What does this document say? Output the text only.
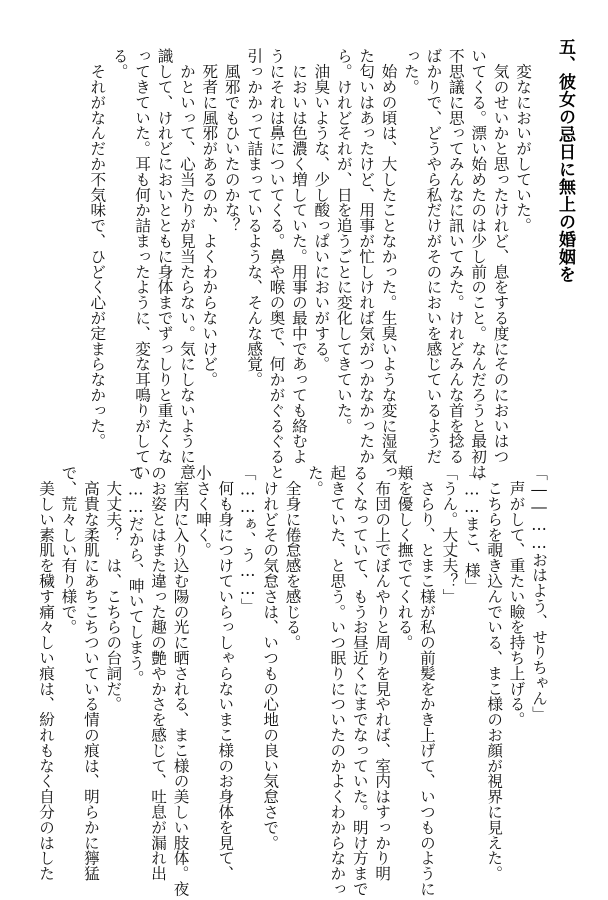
五、彼女の忌日に無上の婚姻を
　変なにおいがしていた。
　気のせいかと思ったけれど、息をする度にそのにおいはつ
いてくる。漂い始めたのは少し前のこと。なんだろうと最初は
不思議に思ってみんなに訊いてみた。けれどみんな首を捻る
ばかりで、どうやら私だけがそのにおいを感じているようだ
った。
　始めの頃は、大したことなかった。生臭いような変に湿気っ
た匂いはあったけど、用事が忙しければ気がつかなかったか
ら。けれどそれが、日を追うごとに変化してきていた。
　油臭いような、少し酸っぱいにおいがする。
　においは色濃く増していた。用事の最中であっても絡むよ
うにそれは鼻についてくる。鼻や喉の奥で、何かがぐるぐると
引っかかって詰まっているような、そんな感覚。
　風邪でもひいたのかな？
　死者に風邪があるのか、よくわからないけど。
　かといって、心当たりが見当たらない。気にしないように意
識して、けれどにおいとともに身体までずっしりと重たくな
ってきていた。耳も何か詰まったように、変な耳鳴りがしてい
る。
　それがなんだか不気味で、ひどく心が定まらなかった。
「――……おはよう、せりちゃん」
　声がして、重たい瞼を持ち上げる。
　こちらを覗き込んでいる、まこ様のお顔が視界に見えた。
「……まこ、様」
「うん。大丈夫？」
　さらり、とまこ様が私の前髪をかき上げて、いつものように
頬を優しく撫でてくれる。
　布団の上でぼんやりと周りを見やれば、室内はすっかり明
るくなっていて、もうお昼近くにまでなっていた。明け方まで
起きていた、と思う。いつ眠りについたのかよくわからなかっ
た。
　全身に倦怠感を感じる。
　けれどその気怠さは、いつもの心地の良い気怠さで。
「……ぁ、う……」
　何も身につけていらっしゃらないまこ様のお身体を見て、
小さく呻く。
　室内に入り込む陽の光に晒される、まこ様の美しい肢体。夜
のお姿とはまた違った趣の艶やかさを感じて、吐息が漏れ出
て……だから、呻いてしまう。
　大丈夫？　は、こちらの台詞だ。
　高貴な柔肌にあちこちついている情の痕は、明らかに獰猛
で、荒々しい有り様で。
　美しい素肌を穢す痛々しい痕は、紛れもなく自分のはした
